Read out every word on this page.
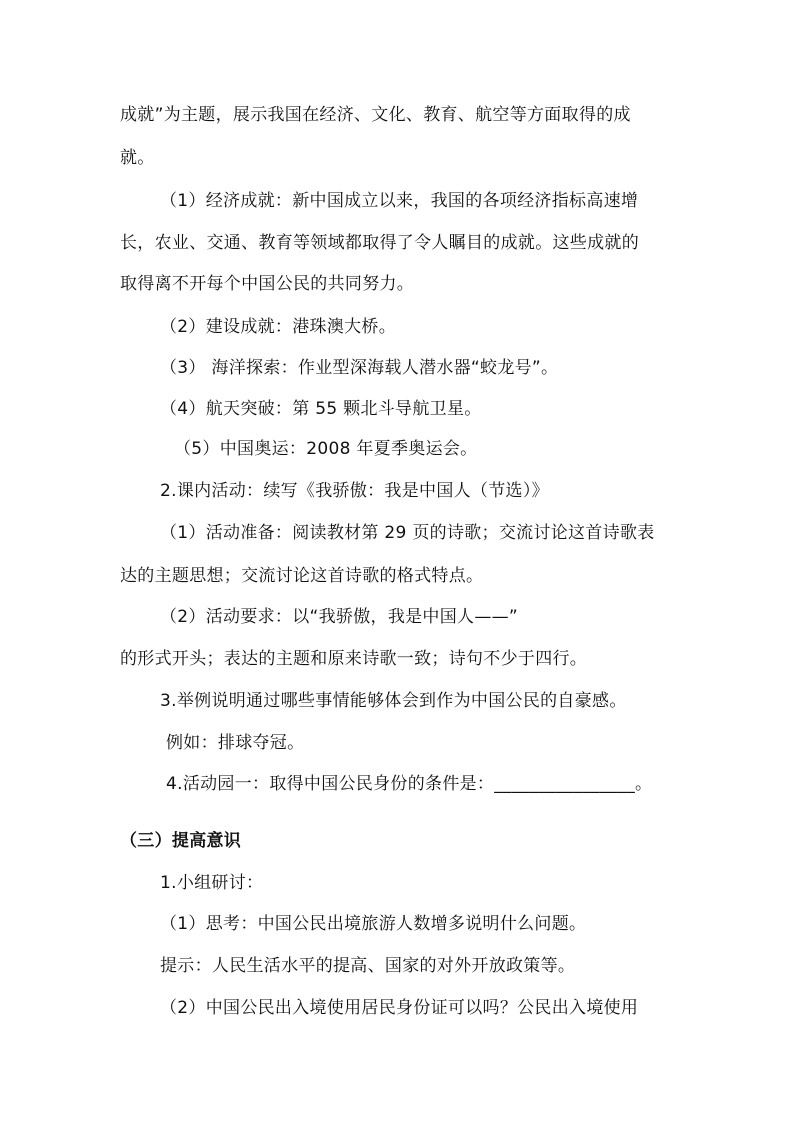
成就”为主题，展示我国在经济、文化、教育、航空等方面取得的成
就。
（1）经济成就：新中国成立以来，我国的各项经济指标高速增
长，农业、交通、教育等领域都取得了令人瞩目的成就。这些成就的
取得离不开每个中国公民的共同努力。
（2）建设成就：港珠澳大桥。
（3） 海洋探索：作业型深海载人潜水器“蛟龙号”。
（4）航天突破：第 55 颗北斗导航卫星。
（5）中国奥运：2008 年夏季奥运会。
2.课内活动：续写《我骄傲：我是中国人（节选）》
（1）活动准备：阅读教材第 29 页的诗歌；交流讨论这首诗歌表
达的主题思想；交流讨论这首诗歌的格式特点。
（2）活动要求：以“我骄傲，我是中国人——”
的形式开头；表达的主题和原来诗歌一致；诗句不少于四行。
3.举例说明通过哪些事情能够体会到作为中国公民的自豪感。
例如：排球夺冠。
4.活动园一：取得中国公民身份的条件是：________________。
（三）提高意识
1.小组研讨：
（1）思考：中国公民出境旅游人数增多说明什么问题。
提示：人民生活水平的提高、国家的对外开放政策等。
（2）中国公民出入境使用居民身份证可以吗？公民出入境使用
